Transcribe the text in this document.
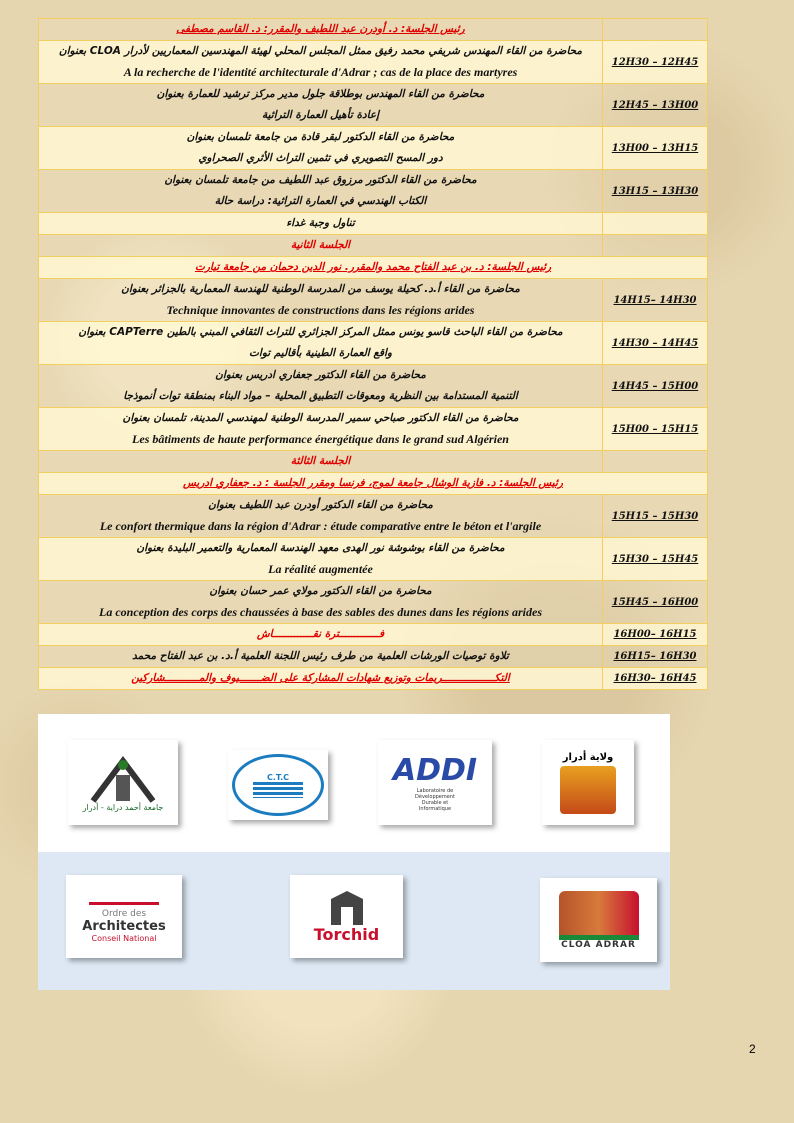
رئيس الجلسة: د. أودرن عبد اللطيف والمقرر: د. القاسم مصطفى	

محاضرة من القاء المهندس شريفي محمد رفيق ممثل المجلس المحلي لهيئة المهندسين المعماريين لأدرار CLOA بعنوان
A la recherche de l'identité architecturale d'Adrar ; cas de la place des martyres	12H30 – 12H45

محاضرة من القاء المهندس بوطلاقة جلول مدير مركز ترشيد للعمارة بعنوان
إعادة تأهيل العمارة التراثية	12H45 – 13H00

محاضرة من القاء الدكتور لبقر قادة من جامعة تلمسان بعنوان
دور المسح التصويري في تثمين التراث الأثري الصحراوي	13H00 – 13H15

محاضرة من القاء الدكتور مرزوق عبد اللطيف من جامعة تلمسان بعنوان
الكتاب الهندسي في العمارة التراثية: دراسة حالة	13H15 – 13H30
تناول وجبة غداء	
الجلسة الثانية	
رئيس الجلسة: د. بن عبد الفتاح محمد والمقرر. نور الدين دحمان من جامعة تيارت	

محاضرة من القاء أ.د. كحيلة يوسف من المدرسة الوطنية للهندسة المعمارية بالجزائر بعنوان
Technique innovantes de constructions dans les régions arides	14H15– 14H30

محاضرة من القاء الباحث قاسو يونس ممثل المركز الجزائري للتراث الثقافي المبني بالطين CAPTerre بعنوان
واقع العمارة الطينية بأقاليم توات	14H30 – 14H45

محاضرة من القاء الدكتور جعفاري ادريس بعنوان
التنمية المستدامة بين النظرية ومعوقات التطبيق المحلية – مواد البناء بمنطقة توات أنموذجا	14H45 – 15H00

محاضرة من القاء الدكتور صباحي سمير المدرسة الوطنية لمهندسي المدينة، تلمسان بعنوان
Les bâtiments de haute performance énergétique dans le grand sud Algérien	15H00 – 15H15
الجلسة الثالثة	
رئيس الجلسة: د. فازية الوشال جامعة لموج، فرنسا ومقرر الجلسة : د. جعفاري ادريس	

محاضرة من القاء الدكتور أودرن عبد اللطيف بعنوان
Le confort thermique dans la région d'Adrar : étude comparative entre le béton et l'argile	15H15 – 15H30

محاضرة من القاء بوشوشة نور الهدى معهد الهندسة المعمارية والتعمير البليدة بعنوان
La réalité augmentée	15H30 – 15H45

محاضرة من القاء الدكتور مولاي عمر حسان بعنوان
La conception des corps des chaussées à base des sables des dunes dans les régions arides	15H45 – 16H00
فـــــــــــــترة نقـــــــــــــاش	16H00– 16H15
تلاوة توصيات الورشات العلمية من طرف رئيس اللجنة العلمية أ.د. بن عبد الفتاح محمد	16H15– 16H30
التكـــــــــــــــــريمات وتوزيع شهادات المشاركة على الضـــــــيوف والمـــــــــــشاركين	16H30– 16H45
جامعة أحمد دراية - أدرار
C.T.C	ADDI
Laboratoire de Développement Durable et Informatique
ولاية أدرار
Ordre des
Architectes
Conseil National	Torchid
CLOA ADRAR
2
